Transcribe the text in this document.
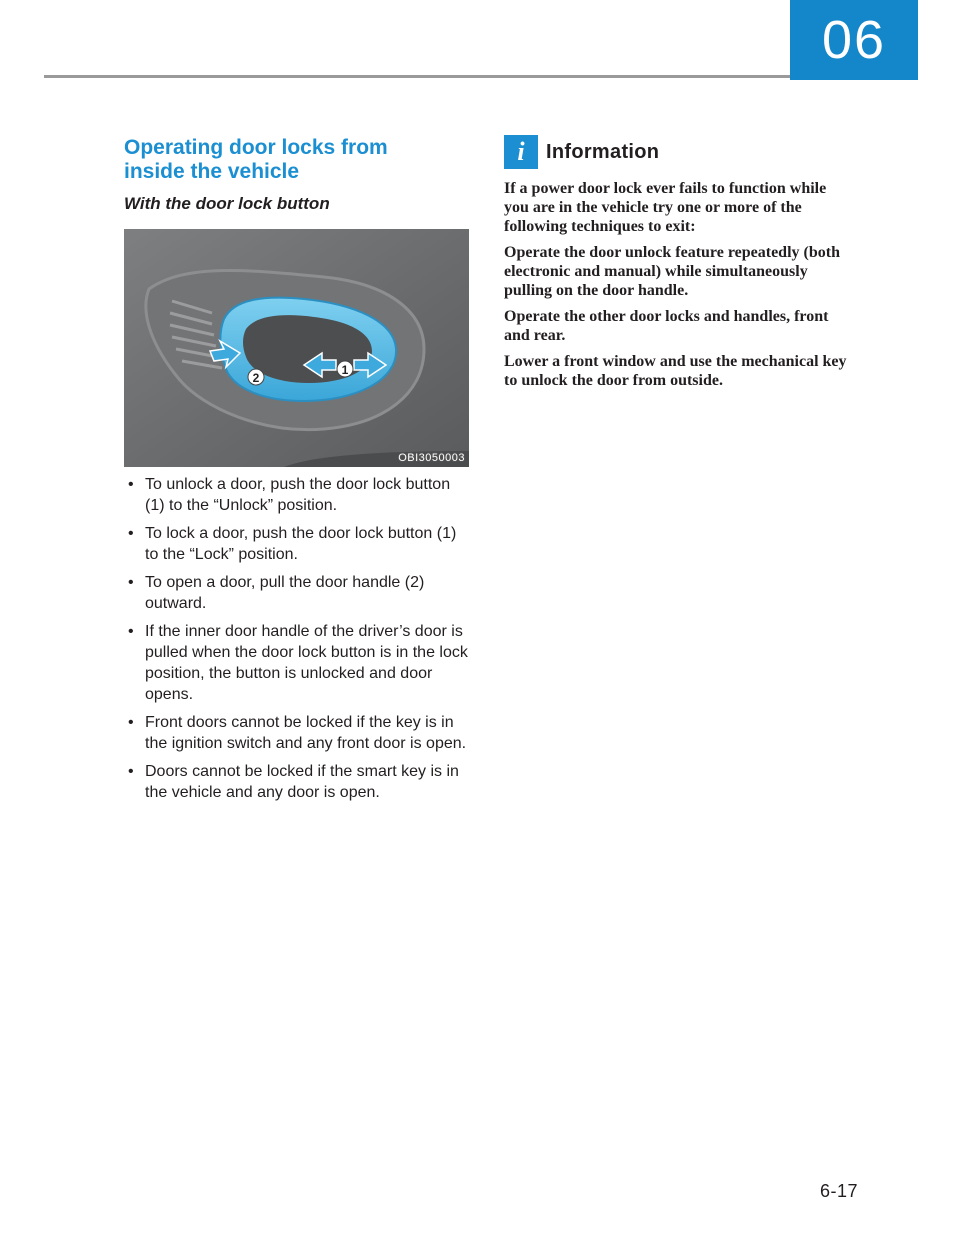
06
Operating door locks from
inside the vehicle
With the door lock button
1
2
OBI3050003
• To unlock a door, push the door lock button (1) to the “Unlock” position.
• To lock a door, push the door lock button (1) to the “Lock” position.
• To open a door, pull the door handle (2) outward.
• If the inner door handle of the driver’s door is pulled when the door lock button is in the lock position, the button is unlocked and door opens.
• Front doors cannot be locked if the key is in the ignition switch and any front door is open.
• Doors cannot be locked if the smart key is in the vehicle and any door is open.
i	Information

If a power door lock ever fails to function while you are in the vehicle try one or more of the following techniques to exit:

Operate the door unlock feature repeatedly (both electronic and manual) while simultaneously pulling on the door handle.

Operate the other door locks and handles, front and rear.

Lower a front window and use the mechanical key to unlock the door from outside.

6-17
